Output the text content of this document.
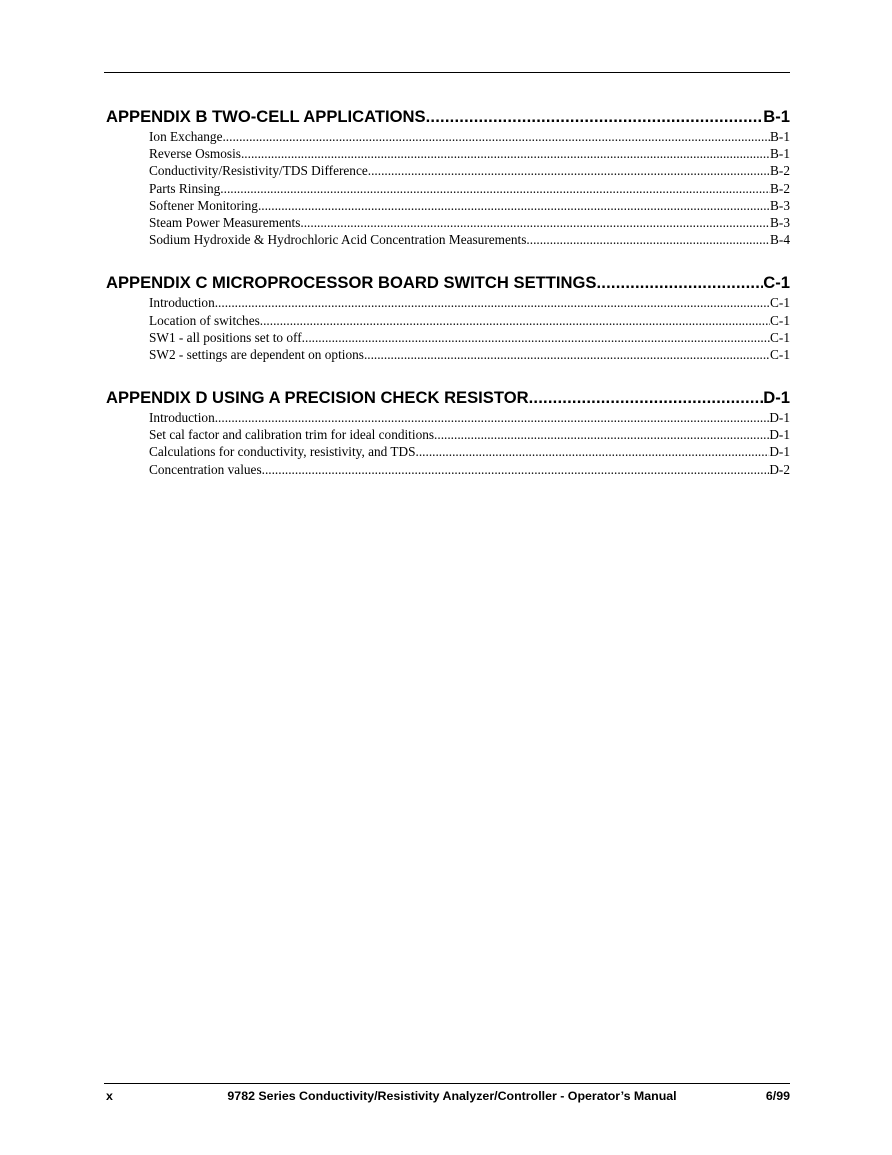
APPENDIX B TWO-CELL APPLICATIONS .....	B-1
Ion Exchange .....	B-1
Reverse Osmosis .....	B-1
Conductivity/Resistivity/TDS Difference .....	B-2
Parts Rinsing .....	B-2
Softener Monitoring .....	B-3
Steam Power Measurements .....	B-3
Sodium Hydroxide & Hydrochloric Acid Concentration Measurements .....	B-4
APPENDIX C MICROPROCESSOR BOARD SWITCH SETTINGS .....	C-1
Introduction .....	C-1
Location of switches .....	C-1
SW1 - all positions set to off .....	C-1
SW2 - settings are dependent on options .....	C-1
APPENDIX D USING A PRECISION CHECK RESISTOR .....	D-1
Introduction .....	D-1
Set cal factor and calibration trim for ideal conditions .....	D-1
Calculations for conductivity, resistivity, and TDS .....	D-1
Concentration values .....	D-2
x	9782 Series Conductivity/Resistivity Analyzer/Controller - Operator’s Manual	6/99
